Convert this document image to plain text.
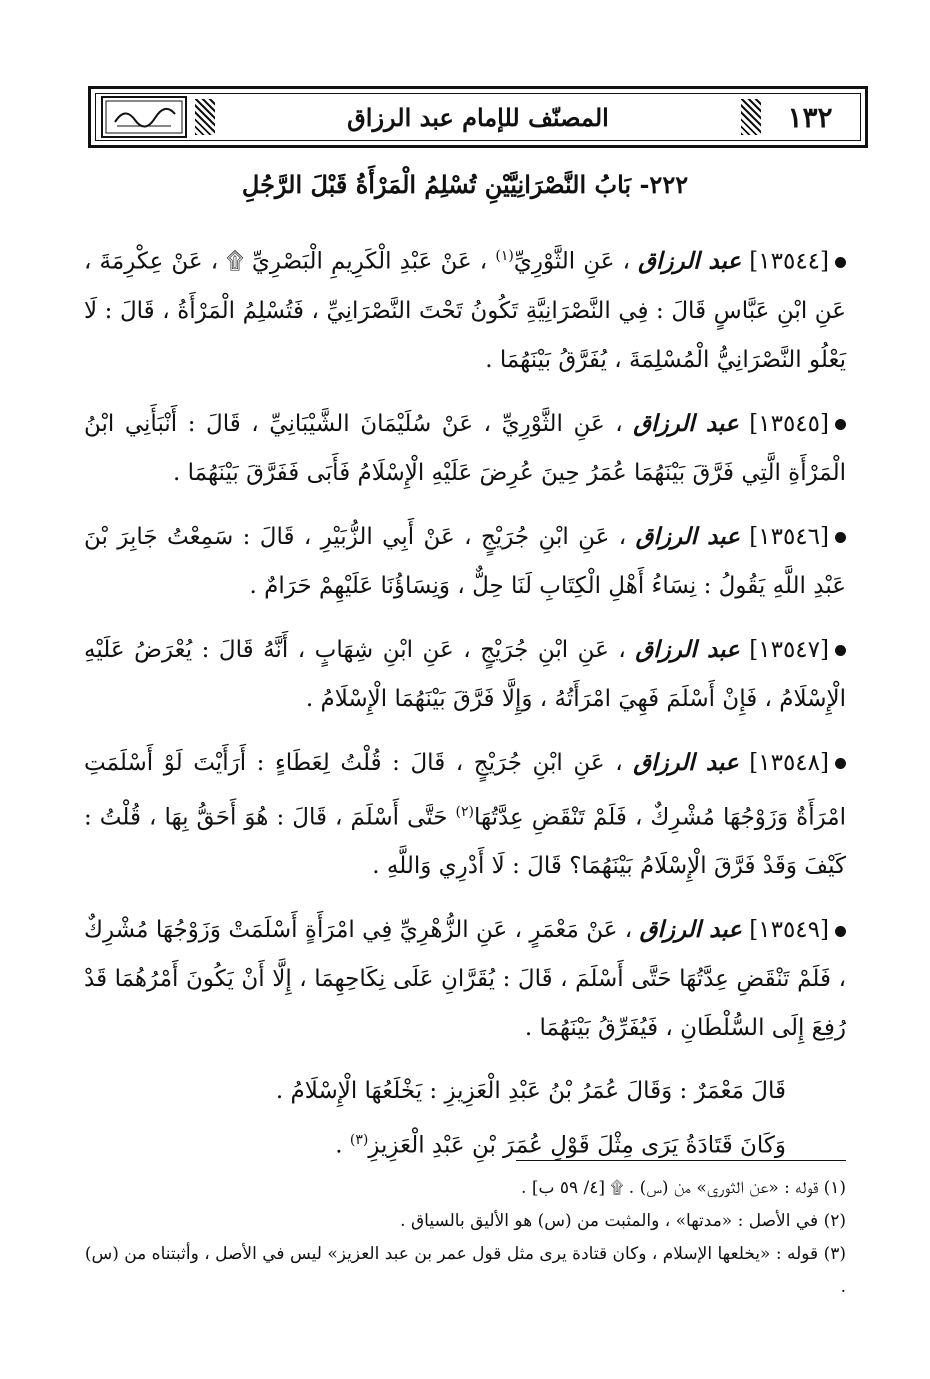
١٣٢
المصنّف للإمام عبد الرزاق
٢٢٢- بَابُ النَّصْرَانِيَّيْنِ تُسْلِمُ الْمَرْأَةُ قَبْلَ الرَّجُلِ

[١٣٥٤٤] عبد الرزاق ، عَنِ الثَّوْرِيِّ$^{(١)}$ ، عَنْ عَبْدِ الْكَرِيمِ الْبَصْرِيِّ ۩ ، عَنْ عِكْرِمَةَ ، عَنِ ابْنِ عَبَّاسٍ قَالَ : فِي النَّصْرَانِيَّةِ تَكُونُ تَحْتَ النَّصْرَانِيِّ ، فَتُسْلِمُ الْمَرْأَةُ ، قَالَ : لَا يَعْلُو النَّصْرَانِيُّ الْمُسْلِمَةَ ، يُفَرَّقُ بَيْنَهُمَا .

[١٣٥٤٥] عبد الرزاق ، عَنِ الثَّوْرِيِّ ، عَنْ سُلَيْمَانَ الشَّيْبَانِيِّ ، قَالَ : أَنْبَأَنِي ابْنُ الْمَرْأَةِ الَّتِي فَرَّقَ بَيْنَهُمَا عُمَرُ حِينَ عُرِضَ عَلَيْهِ الْإِسْلَامُ فَأَبَى فَفَرَّقَ بَيْنَهُمَا .

[١٣٥٤٦] عبد الرزاق ، عَنِ ابْنِ جُرَيْجٍ ، عَنْ أَبِي الزُّبَيْرِ ، قَالَ : سَمِعْتُ جَابِرَ بْنَ عَبْدِ اللَّهِ يَقُولُ : نِسَاءُ أَهْلِ الْكِتَابِ لَنَا حِلٌّ ، وَنِسَاؤُنَا عَلَيْهِمْ حَرَامٌ .

[١٣٥٤٧] عبد الرزاق ، عَنِ ابْنِ جُرَيْجٍ ، عَنِ ابْنِ شِهَابٍ ، أَنَّهُ قَالَ : يُعْرَضُ عَلَيْهِ الْإِسْلَامُ ، فَإِنْ أَسْلَمَ فَهِيَ امْرَأَتُهُ ، وَإِلَّا فَرَّقَ بَيْنَهُمَا الْإِسْلَامُ .

[١٣٥٤٨] عبد الرزاق ، عَنِ ابْنِ جُرَيْجٍ ، قَالَ : قُلْتُ لِعَطَاءٍ : أَرَأَيْتَ لَوْ أَسْلَمَتِ امْرَأَةٌ وَزَوْجُهَا مُشْرِكٌ ، فَلَمْ تَنْقَضِ عِدَّتُهَا$^{(٢)}$ حَتَّى أَسْلَمَ ، قَالَ : هُوَ أَحَقُّ بِهَا ، قُلْتُ : كَيْفَ وَقَدْ فَرَّقَ الْإِسْلَامُ بَيْنَهُمَا؟ قَالَ : لَا أَدْرِي وَاللَّهِ .

[١٣٥٤٩] عبد الرزاق ، عَنْ مَعْمَرٍ ، عَنِ الزُّهْرِيِّ فِي امْرَأَةٍ أَسْلَمَتْ وَزَوْجُهَا مُشْرِكٌ ، فَلَمْ تَنْقَضِ عِدَّتُهَا حَتَّى أَسْلَمَ ، قَالَ : يُقَرَّانِ عَلَى نِكَاحِهِمَا ، إِلَّا أَنْ يَكُونَ أَمْرُهُمَا قَدْ رُفِعَ إِلَى السُّلْطَانِ ، فَيُفَرِّقُ بَيْنَهُمَا .

قَالَ مَعْمَرٌ : وَقَالَ عُمَرُ بْنُ عَبْدِ الْعَزِيزِ : يَخْلَعُهَا الْإِسْلَامُ .

وَكَانَ قَتَادَةُ يَرَى مِثْلَ قَوْلِ عُمَرَ بْنِ عَبْدِ الْعَزِيزِ$^{(٣)}$ .

(١) قوله : «عن الثوري» من (س) . ۩ [٤/ ٥٩ ب] .

(٢) في الأصل : «مدتها» ، والمثبت من (س) هو الأليق بالسياق .

(٣) قوله : «يخلعها الإسلام ، وكان قتادة يرى مثل قول عمر بن عبد العزيز» ليس في الأصل ، وأثبتناه من (س) .
